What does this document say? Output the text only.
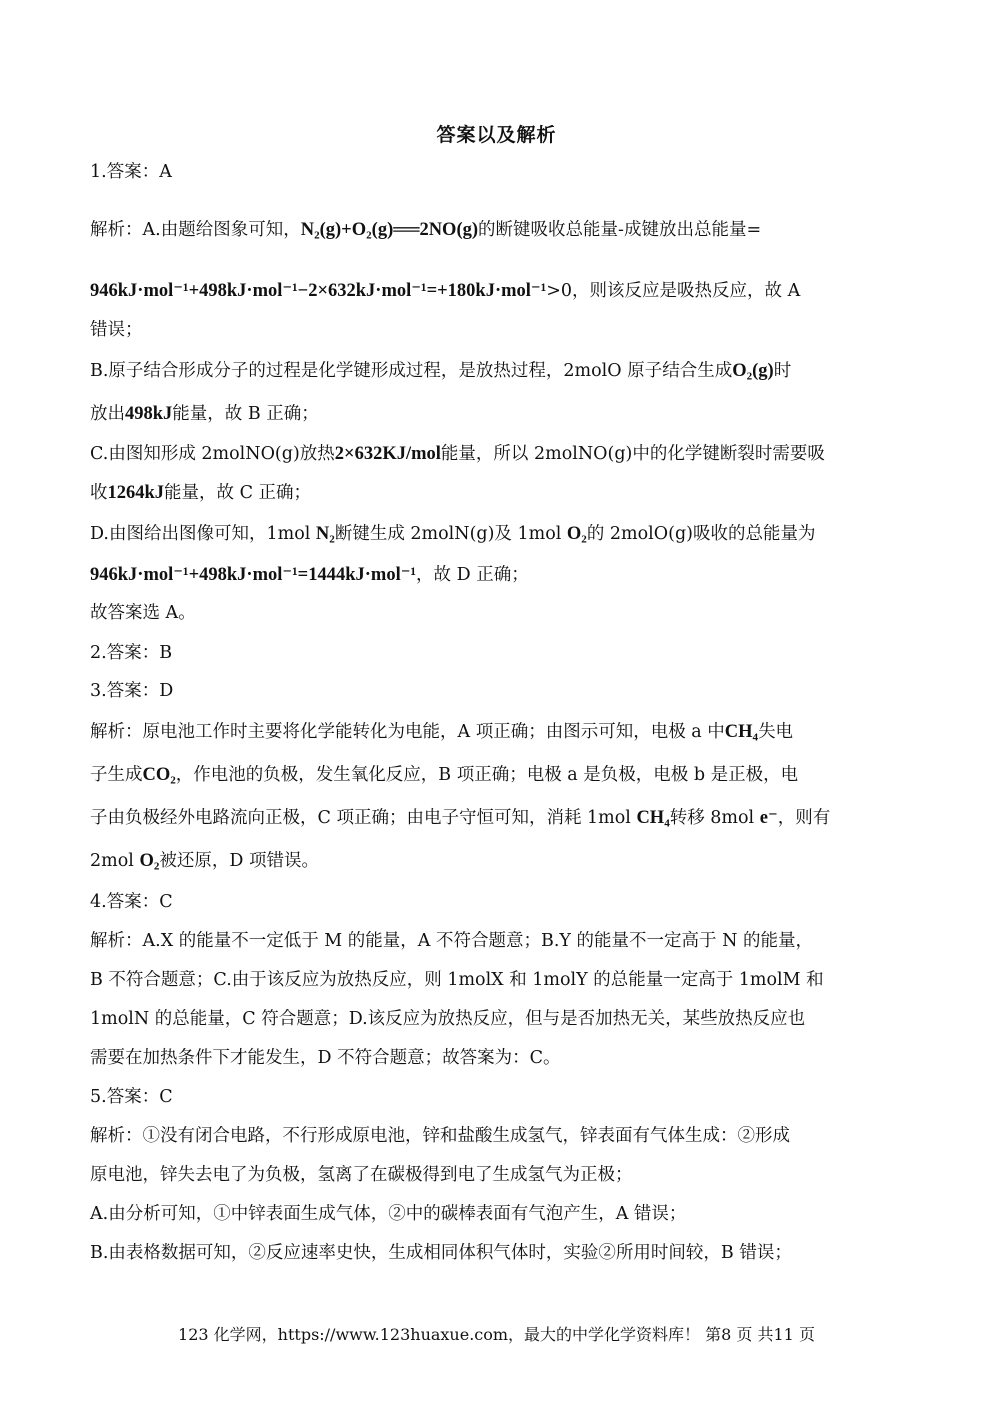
答案以及解析
1.答案：A
解析：A.由题给图象可知，N₂(g)+O₂(g)══2NO(g)的断键吸收总能量-成键放出总能量=
946kJ·mol⁻¹+498kJ·mol⁻¹−2×632kJ·mol⁻¹=+180kJ·mol⁻¹>0，则该反应是吸热反应，故 A
错误；
B.原子结合形成分子的过程是化学键形成过程，是放热过程，2molO 原子结合生成O₂(g)时
放出498kJ能量，故 B 正确；
C.由图知形成 2molNO(g)放热2×632KJ/mol能量，所以 2molNO(g)中的化学键断裂时需要吸
收1264kJ能量，故 C 正确；
D.由图给出图像可知，1mol N₂断键生成 2molN(g)及 1mol O₂的 2molO(g)吸收的总能量为
946kJ·mol⁻¹+498kJ·mol⁻¹=1444kJ·mol⁻¹，故 D 正确；
故答案选 A。
2.答案：B
3.答案：D
解析：原电池工作时主要将化学能转化为电能，A 项正确；由图示可知，电极 a 中CH₄失电
子生成CO₂，作电池的负极，发生氧化反应，B 项正确；电极 a 是负极，电极 b 是正极，电
子由负极经外电路流向正极，C 项正确；由电子守恒可知，消耗 1mol CH₄转移 8mol e⁻，则有
2mol O₂被还原，D 项错误。
4.答案：C
解析：A.X 的能量不一定低于 M 的能量，A 不符合题意；B.Y 的能量不一定高于 N 的能量，
B 不符合题意；C.由于该反应为放热反应，则 1molX 和 1molY 的总能量一定高于 1molM 和
1molN 的总能量，C 符合题意；D.该反应为放热反应，但与是否加热无关，某些放热反应也
需要在加热条件下才能发生，D 不符合题意；故答案为：C。
5.答案：C
解析：①没有闭合电路，不行形成原电池，锌和盐酸生成氢气，锌表面有气体生成：②形成
原电池，锌失去电了为负极，氢离了在碳极得到电了生成氢气为正极；
A.由分析可知，①中锌表面生成气体，②中的碳棒表面有气泡产生，A 错误；
B.由表格数据可知，②反应速率史快，生成相同体积气体时，实验②所用时间较，B 错误；
123 化学网，https://www.123huaxue.com，最大的中学化学资料库！ 第8 页 共11 页
